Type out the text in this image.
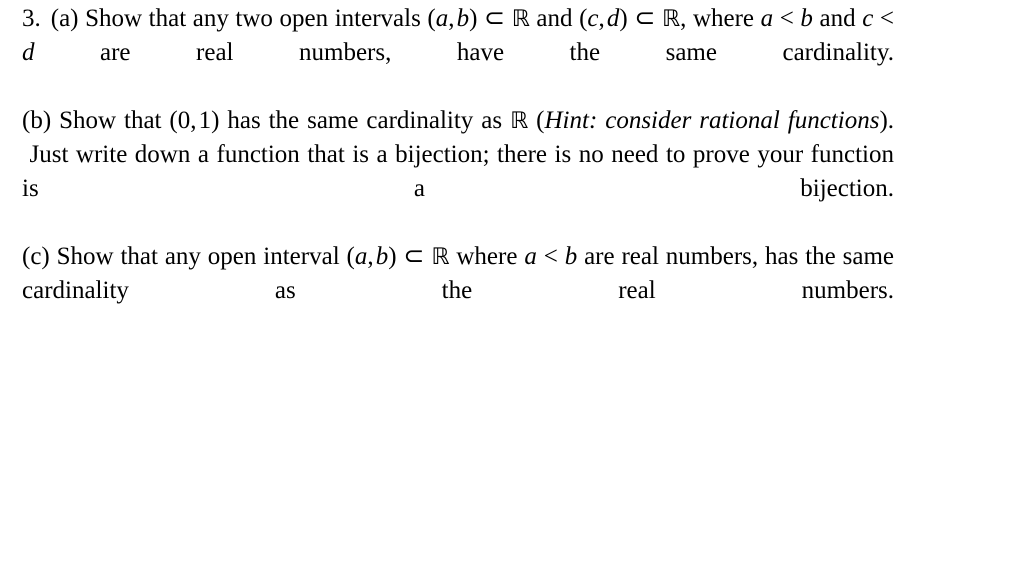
3. (a) Show that any two open intervals (a, b) ⊂ ℝ and (c, d) ⊂ ℝ, where a < b and c < d are real numbers, have the same cardinality.
(b) Show that (0, 1) has the same cardinality as ℝ (Hint: consider rational functions).  Just write down a function that is a bijection; there is no need to prove your function is a bijection.
(c) Show that any open interval (a, b) ⊂ ℝ where a < b are real numbers, has the same cardinality as the real numbers.
